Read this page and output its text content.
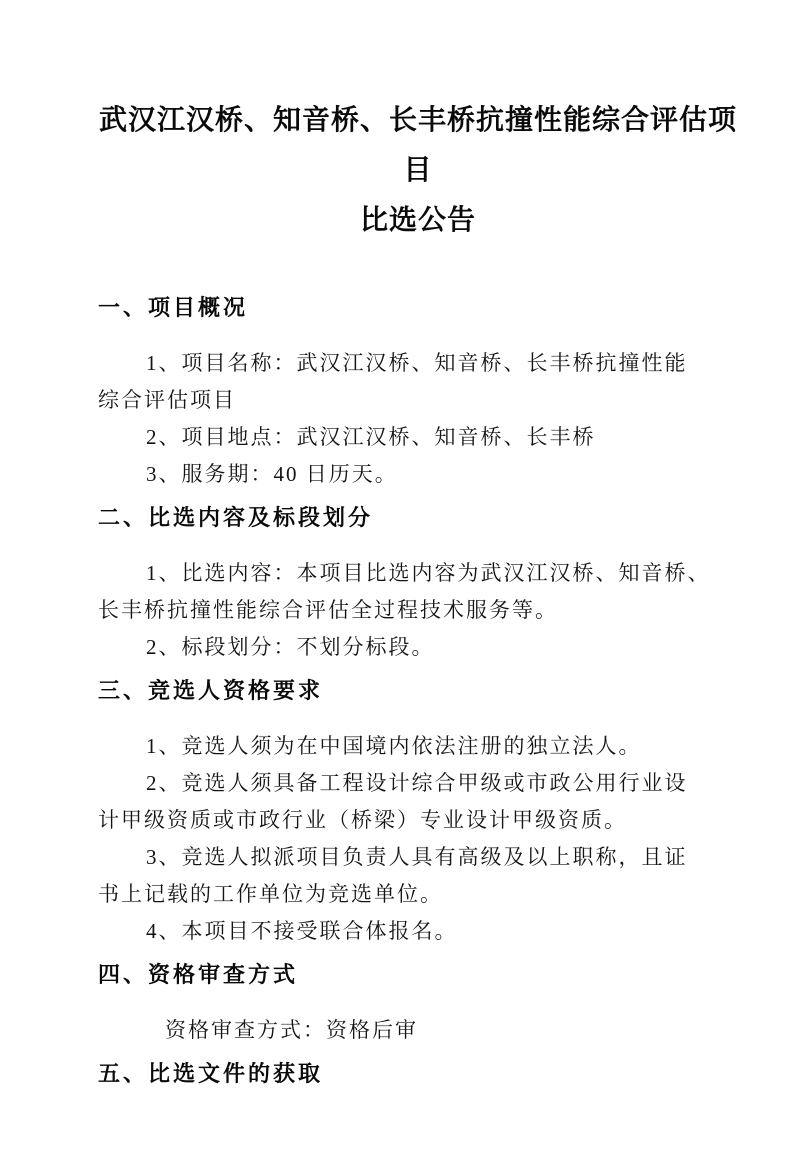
武汉江汉桥、知音桥、长丰桥抗撞性能综合评估项目
比选公告
一、项目概况

1、项目名称：武汉江汉桥、知音桥、长丰桥抗撞性能

综合评估项目

2、项目地点：武汉江汉桥、知音桥、长丰桥

3、服务期：40 日历天。

二、比选内容及标段划分

1、比选内容：本项目比选内容为武汉江汉桥、知音桥、

长丰桥抗撞性能综合评估全过程技术服务等。

2、标段划分：不划分标段。

三、竞选人资格要求

1、竞选人须为在中国境内依法注册的独立法人。

2、竞选人须具备工程设计综合甲级或市政公用行业设

计甲级资质或市政行业（桥梁）专业设计甲级资质。

3、竞选人拟派项目负责人具有高级及以上职称，且证

书上记载的工作单位为竞选单位。

4、本项目不接受联合体报名。

四、资格审查方式

资格审查方式：资格后审

五、比选文件的获取
